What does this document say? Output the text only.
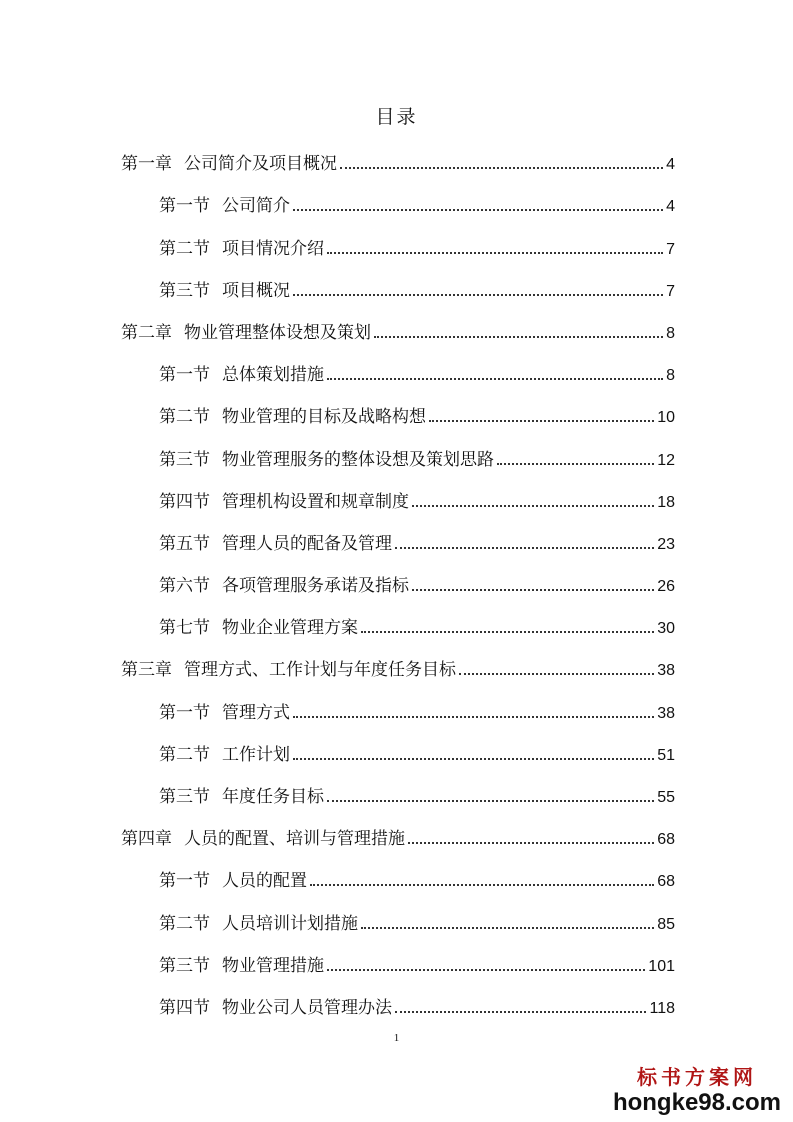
目录
第一章 公司简介及项目概况	4
第一节 公司简介	4
第二节 项目情况介绍	7
第三节 项目概况	7
第二章 物业管理整体设想及策划	8
第一节 总体策划措施	8
第二节 物业管理的目标及战略构想	10
第三节 物业管理服务的整体设想及策划思路	12
第四节 管理机构设置和规章制度	18
第五节 管理人员的配备及管理	23
第六节 各项管理服务承诺及指标	26
第七节 物业企业管理方案	30
第三章 管理方式、工作计划与年度任务目标	38
第一节 管理方式	38
第二节 工作计划	51
第三节 年度任务目标	55
第四章 人员的配置、培训与管理措施	68
第一节 人员的配置	68
第二节 人员培训计划措施	85
第三节 物业管理措施	101
第四节 物业公司人员管理办法	118
1
标书方案网
hongke98.com
